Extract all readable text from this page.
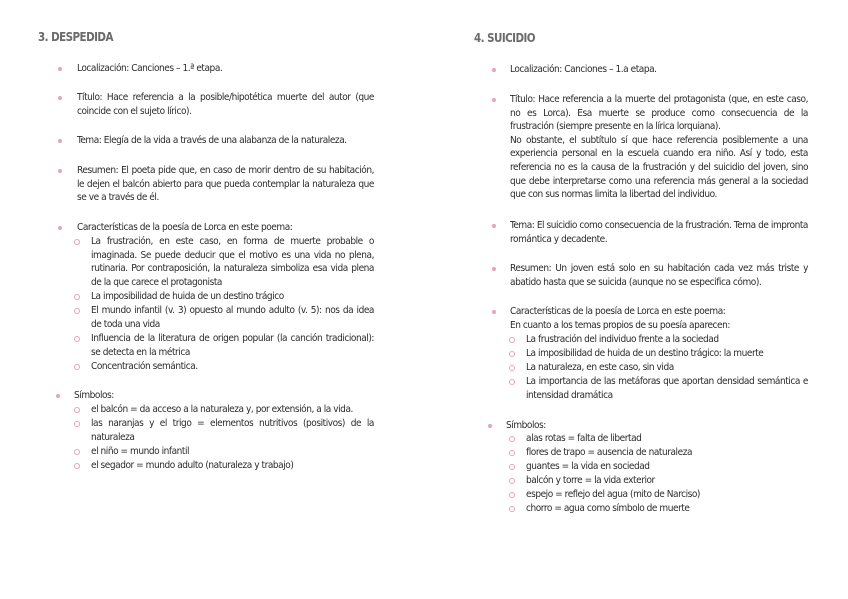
3. DESPEDIDA
Localización: Canciones – 1.ª etapa.
Título: Hace referencia a la posible/hipotética muerte del autor (que coincide con el sujeto lírico).
Tema: Elegía de la vida a través de una alabanza de la naturaleza.
Resumen: El poeta pide que, en caso de morir dentro de su habitación, le dejen el balcón abierto para que pueda contemplar la naturaleza que se ve a través de él.
Características de la poesía de Lorca en este poema:
La frustración, en este caso, en forma de muerte probable o imaginada. Se puede deducir que el motivo es una vida no plena, rutinaria. Por contraposición, la naturaleza simboliza esa vida plena de la que carece el protagonista
La imposibilidad de huida de un destino trágico
El mundo infantil (v. 3) opuesto al mundo adulto (v. 5): nos da idea de toda una vida
Influencia de la literatura de origen popular (la canción tradicional): se detecta en la métrica
Concentración semántica.
Símbolos:
el balcón = da acceso a la naturaleza y, por extensión, a la vida.
las naranjas y el trigo = elementos nutritivos (positivos) de la naturaleza
el niño = mundo infantil
el segador = mundo adulto (naturaleza y trabajo)
4. SUICIDIO
Localización: Canciones – 1.a etapa.
Título: Hace referencia a la muerte del protagonista (que, en este caso, no es Lorca). Esa muerte se produce como consecuencia de la frustración (siempre presente en la lírica lorquiana).
No obstante, el subtítulo sí que hace referencia posiblemente a una experiencia personal en la escuela cuando era niño. Así y todo, esta referencia no es la causa de la frustración y del suicidio del joven, sino que debe interpretarse como una referencia más general a la sociedad que con sus normas limita la libertad del individuo.
Tema: El suicidio como consecuencia de la frustración. Tema de impronta romántica y decadente.
Resumen: Un joven está solo en su habitación cada vez más triste y abatido hasta que se suicida (aunque no se especifica cómo).
Características de la poesía de Lorca en este poema:
En cuanto a los temas propios de su poesía aparecen:
La frustración del individuo frente a la sociedad
La imposibilidad de huida de un destino trágico: la muerte
La naturaleza, en este caso, sin vida
La importancia de las metáforas que aportan densidad semántica e intensidad dramática
Símbolos:
alas rotas = falta de libertad
flores de trapo = ausencia de naturaleza
guantes = la vida en sociedad
balcón y torre = la vida exterior
espejo = reflejo del agua (mito de Narciso)
chorro = agua como símbolo de muerte
